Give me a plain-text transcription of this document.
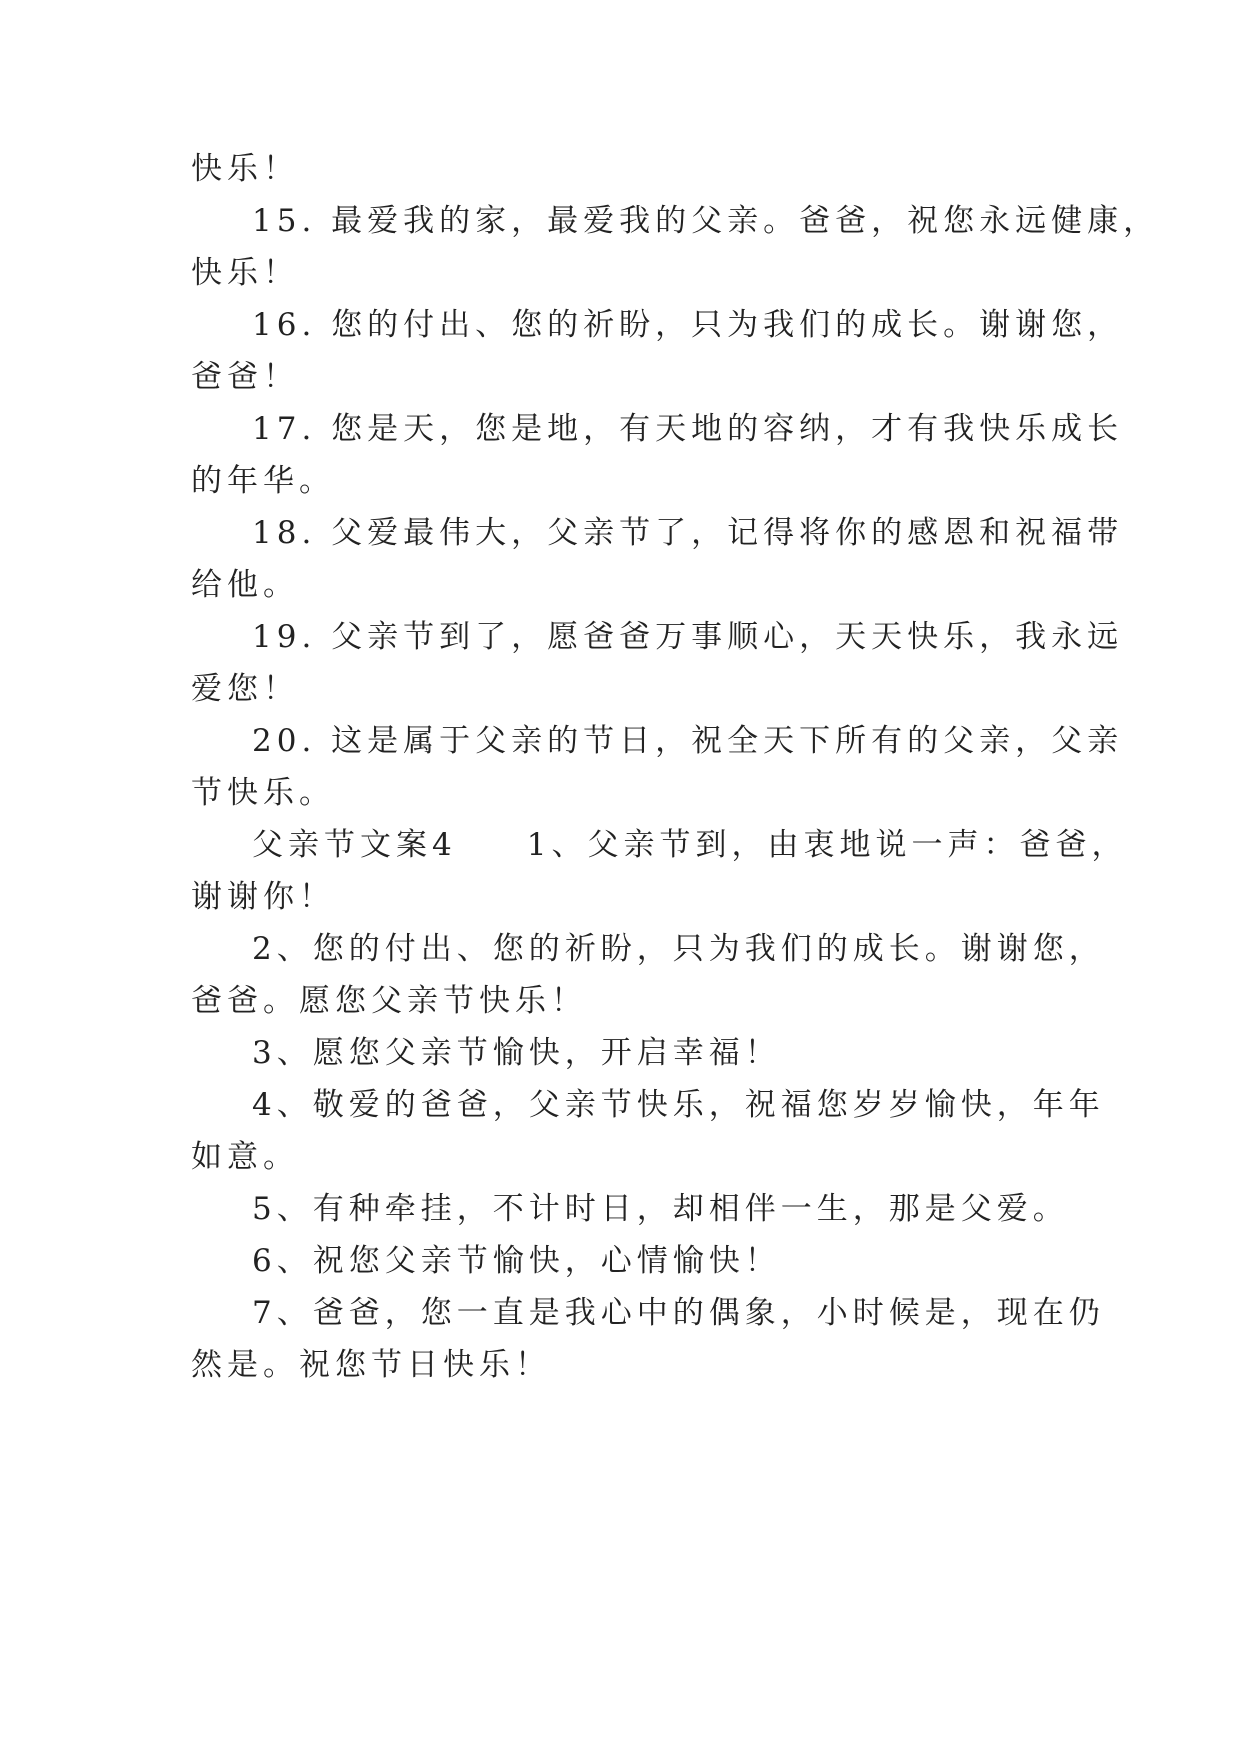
快乐！
15. 最爱我的家，最爱我的父亲。爸爸，祝您永远健康，
快乐！
16. 您的付出、您的祈盼，只为我们的成长。谢谢您，
爸爸！
17. 您是天，您是地，有天地的容纳，才有我快乐成长
的年华。
18. 父爱最伟大，父亲节了，记得将你的感恩和祝福带
给他。
19. 父亲节到了，愿爸爸万事顺心，天天快乐，我永远
爱您！
20. 这是属于父亲的节日，祝全天下所有的父亲，父亲
节快乐。
父亲节文案4 1、父亲节到，由衷地说一声：爸爸，
谢谢你！
2、您的付出、您的祈盼，只为我们的成长。谢谢您，
爸爸。愿您父亲节快乐！
3、愿您父亲节愉快，开启幸福！
4、敬爱的爸爸，父亲节快乐，祝福您岁岁愉快，年年
如意。
5、有种牵挂，不计时日，却相伴一生，那是父爱。
6、祝您父亲节愉快，心情愉快！
7、爸爸，您一直是我心中的偶象，小时候是，现在仍
然是。祝您节日快乐！
